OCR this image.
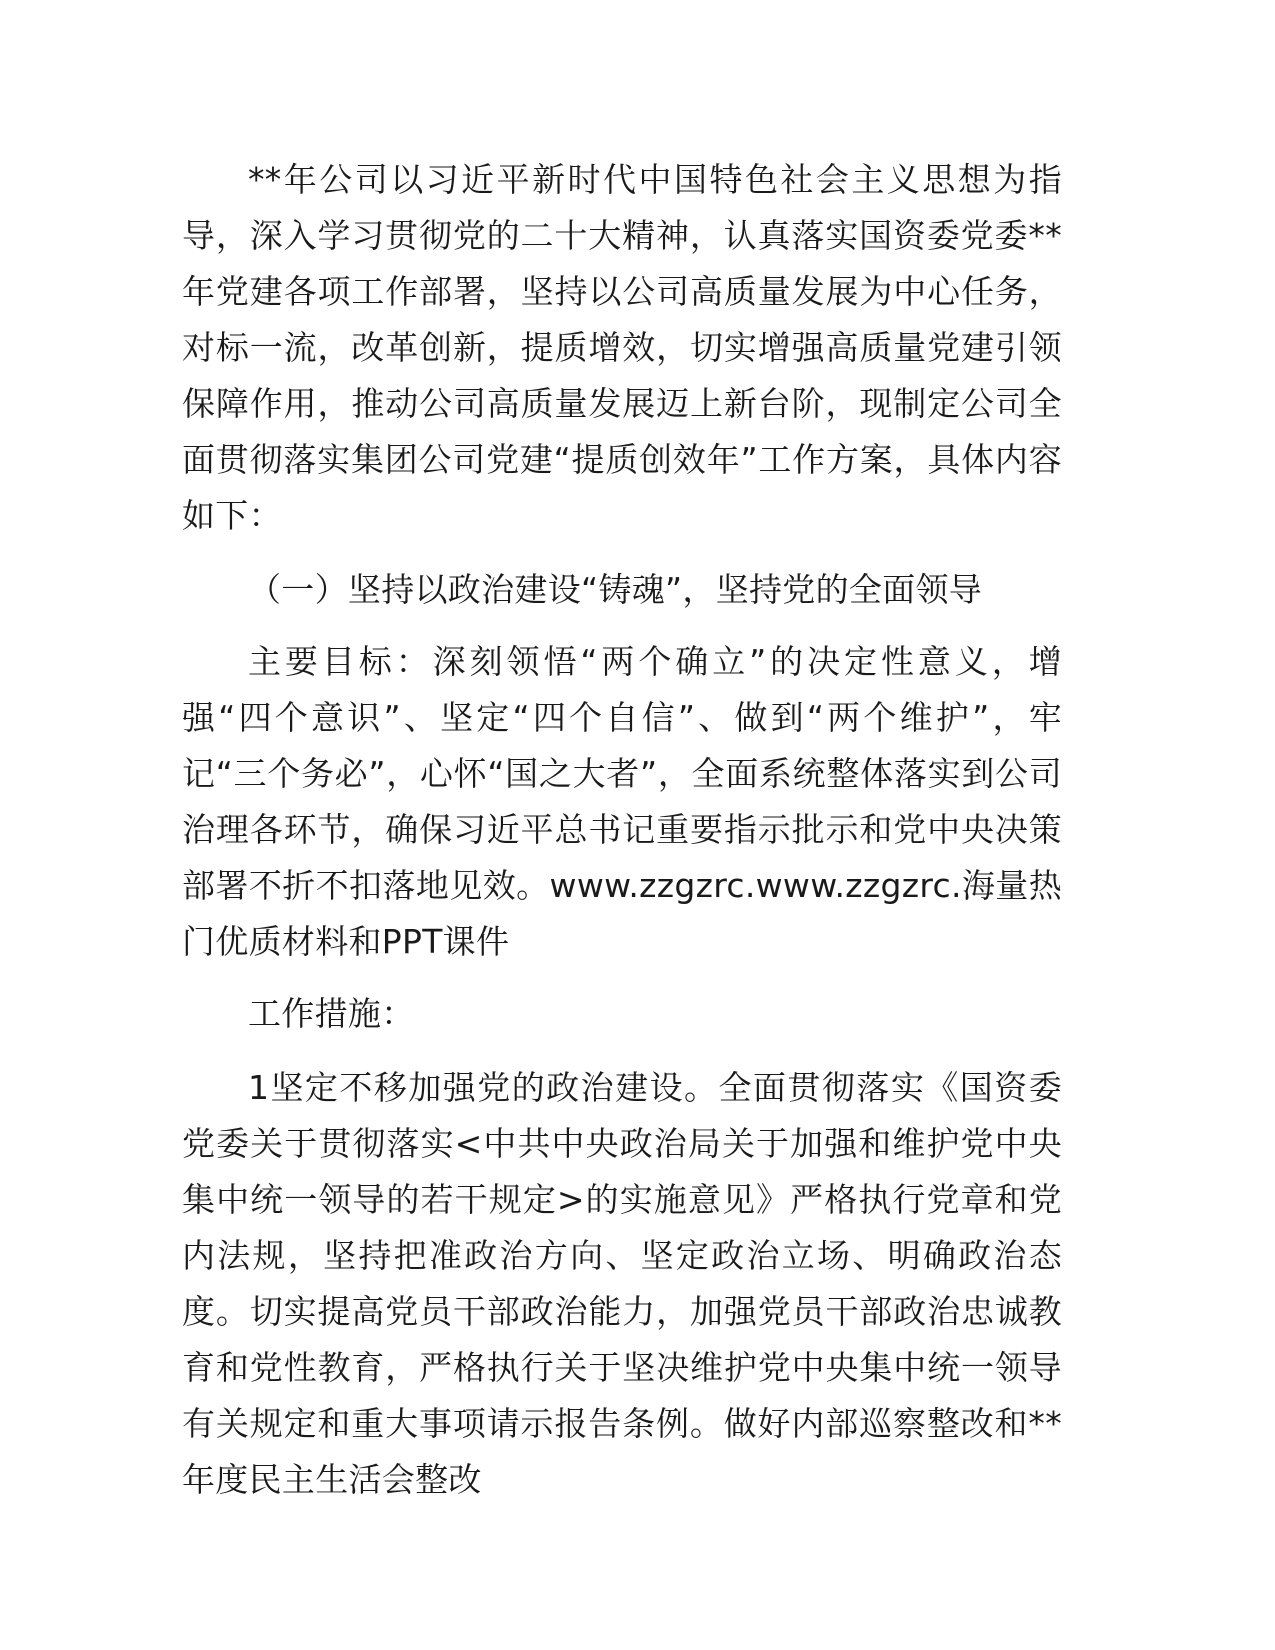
**年公司以习近平新时代中国特色社会主义思想为指导，深入学习贯彻党的二十大精神，认真落实国资委党委**年党建各项工作部署，坚持以公司高质量发展为中心任务，对标一流，改革创新，提质增效，切实增强高质量党建引领保障作用，推动公司高质量发展迈上新台阶，现制定公司全面贯彻落实集团公司党建“提质创效年”工作方案，具体内容如下：

（一）坚持以政治建设“铸魂”，坚持党的全面领导

主要目标：深刻领悟“两个确立”的决定性意义，增强“四个意识”、坚定“四个自信”、做到“两个维护”，牢记“三个务必”，心怀“国之大者”，全面系统整体落实到公司治理各环节，确保习近平总书记重要指示批示和党中央决策部署不折不扣落地见效。www.zzgzrc.www.zzgzrc.海量热门优质材料和PPT课件

工作措施：

1坚定不移加强党的政治建设。全面贯彻落实《国资委党委关于贯彻落实<中共中央政治局关于加强和维护党中央集中统一领导的若干规定>的实施意见》严格执行党章和党内法规，坚持把准政治方向、坚定政治立场、明确政治态度。切实提高党员干部政治能力，加强党员干部政治忠诚教育和党性教育，严格执行关于坚决维护党中央集中统一领导有关规定和重大事项请示报告条例。做好内部巡察整改和**年度民主生活会整改
